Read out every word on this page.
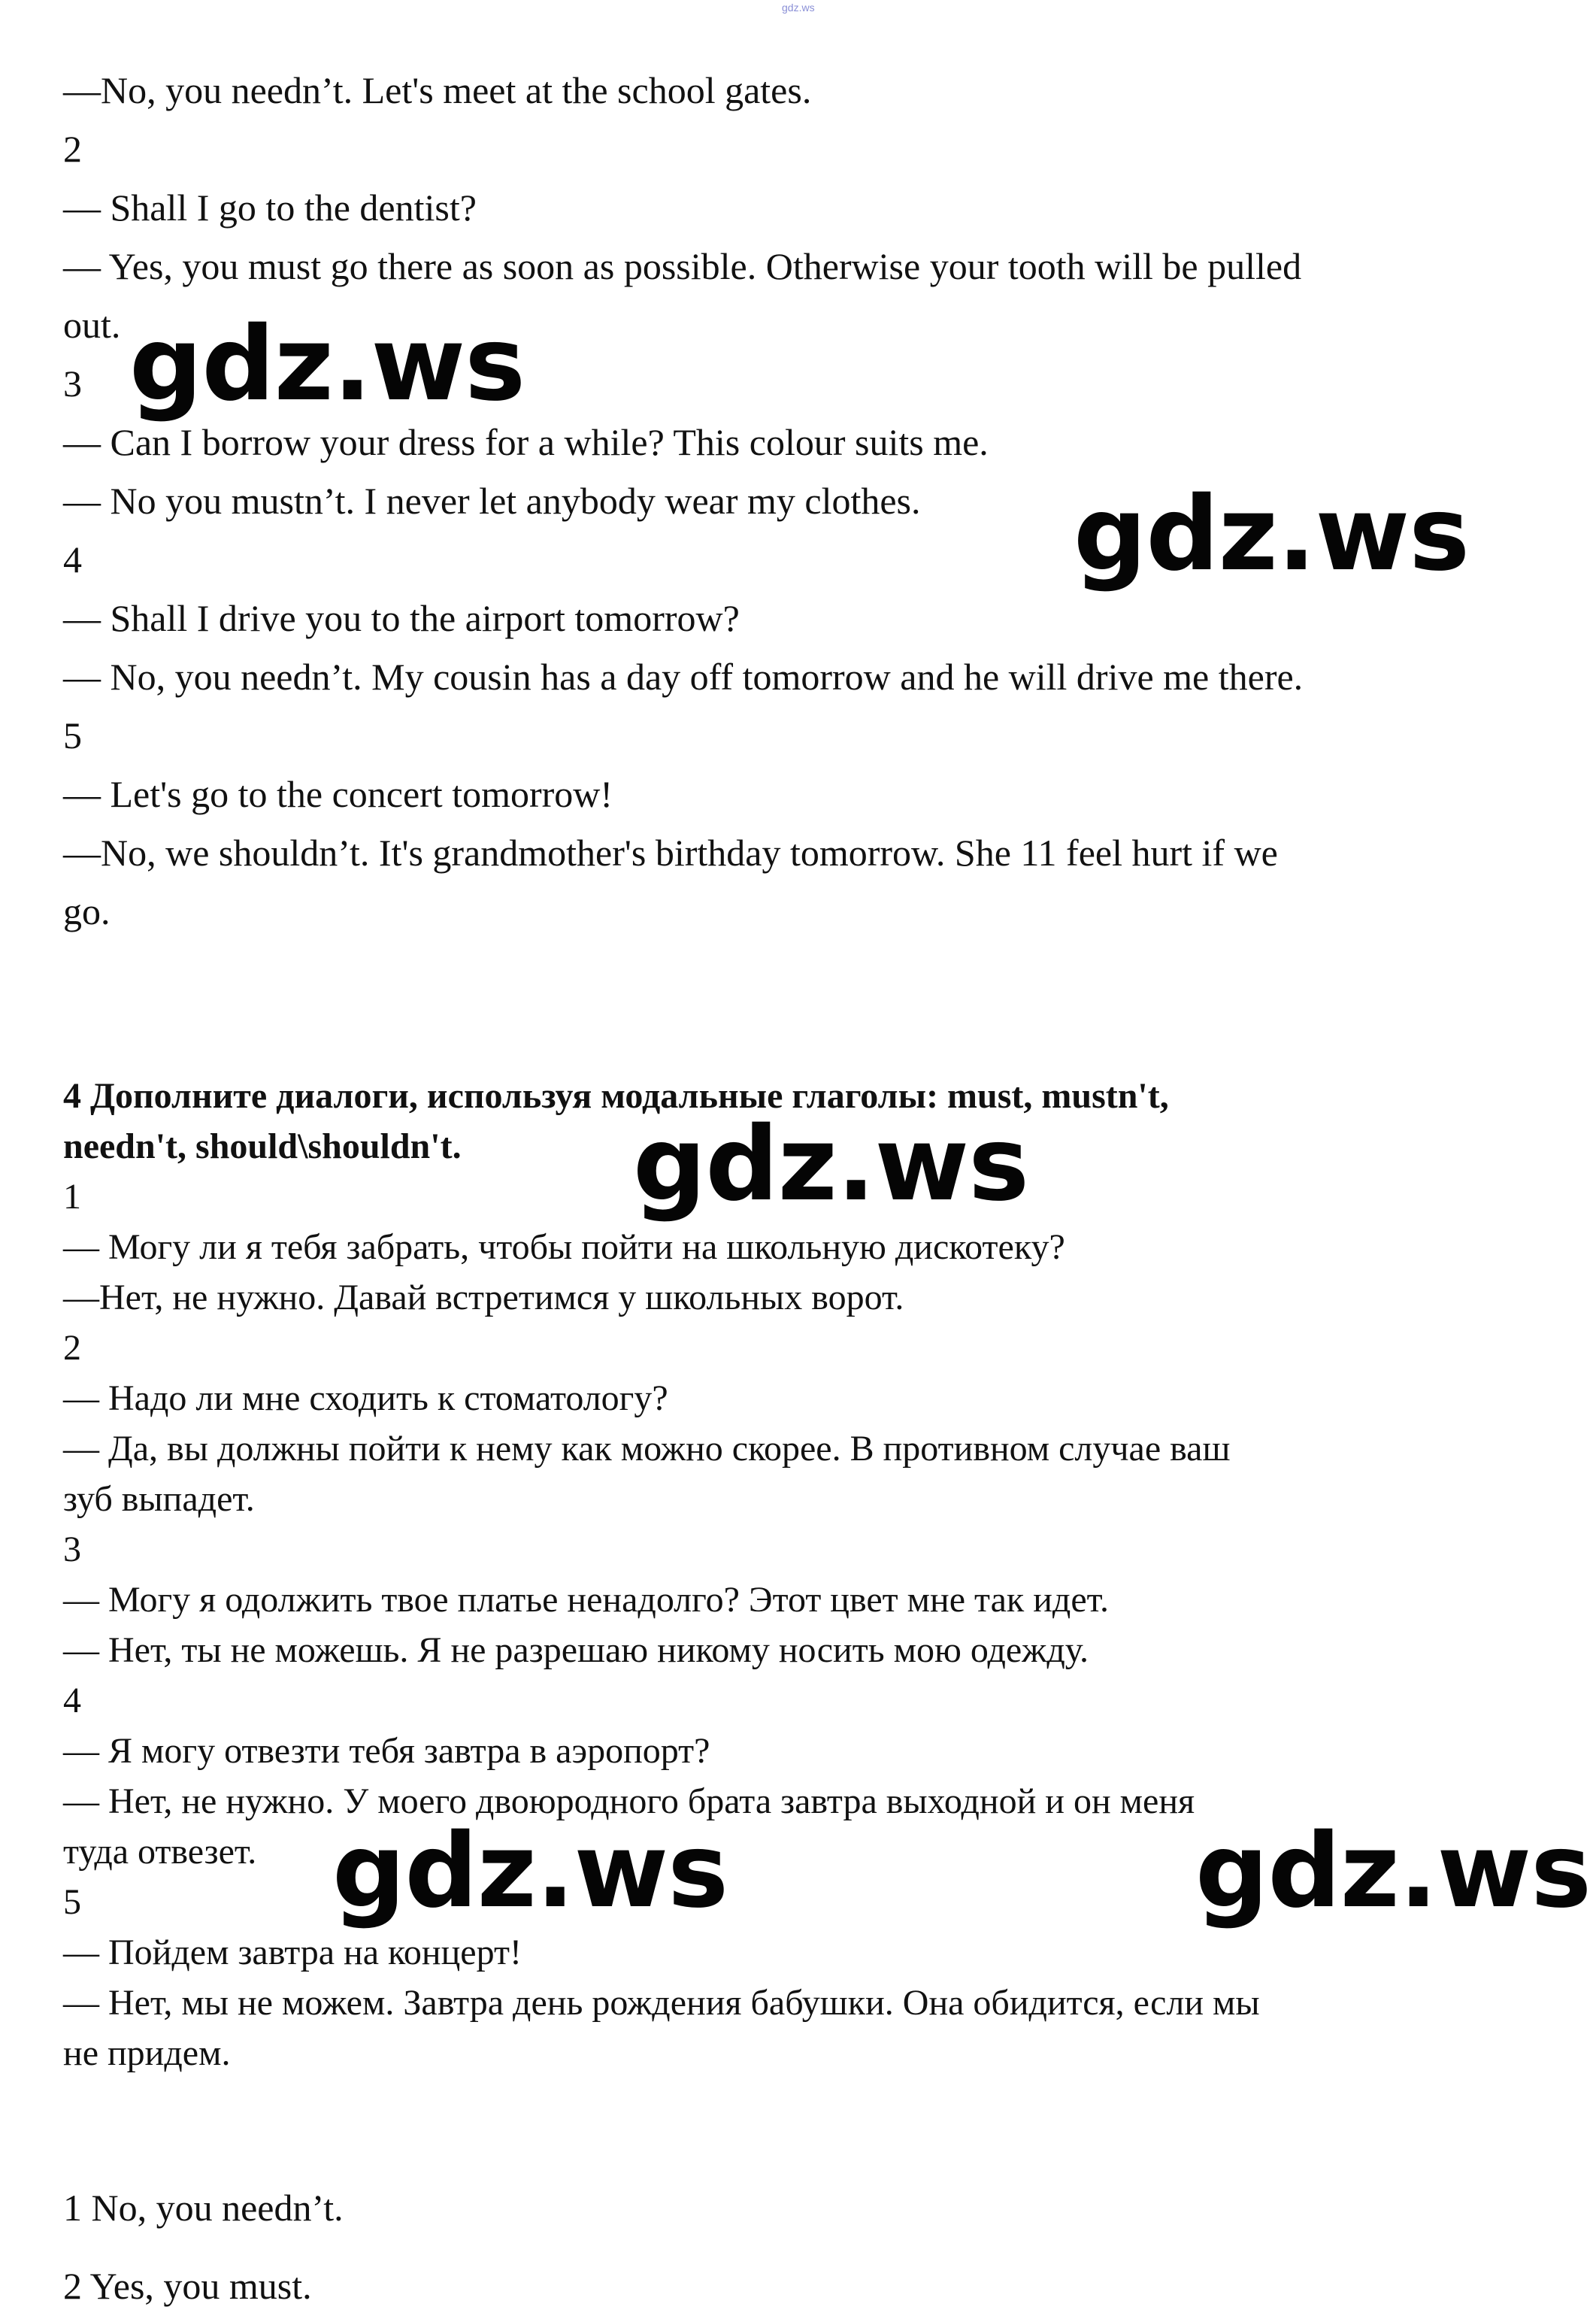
gdz.ws
—No, you needn’t. Let's meet at the school gates.
2
— Shall I go to the dentist?
— Yes, you must go there as soon as possible. Otherwise your tooth will be pulled
out.
3
— Can I borrow your dress for a while? This colour suits me.
— No you mustn’t. I never let anybody wear my clothes.
4
— Shall I drive you to the airport tomorrow?
— No, you needn’t. My cousin has a day off tomorrow and he will drive me there.
5
— Let's go to the concert tomorrow!
—No, we shouldn’t. It's grandmother's birthday tomorrow. She 11 feel hurt if we
go.
4 Дополните диалоги, используя модальные глаголы: must, mustn't,
needn't, should\shouldn't.
1
— Могу ли я тебя забрать, чтобы пойти на школьную дискотеку?
—Нет, не нужно. Давай встретимся у школьных ворот.
2
— Надо ли мне сходить к стоматологу?
— Да, вы должны пойти к нему как можно скорее. В противном случае ваш
зуб выпадет.
3
— Могу я одолжить твое платье ненадолго? Этот цвет мне так идет.
— Нет, ты не можешь. Я не разрешаю никому носить мою одежду.
4
— Я могу отвезти тебя завтра в аэропорт?
— Нет, не нужно. У моего двоюродного брата завтра выходной и он меня
туда отвезет.
5
— Пойдем завтра на концерт!
— Нет, мы не можем. Завтра день рождения бабушки. Она обидится, если мы
не придем.
1 No, you needn’t.
2 Yes, you must.
gdz.ws
gdz.ws
gdz.ws
gdz.ws	gdz.ws
